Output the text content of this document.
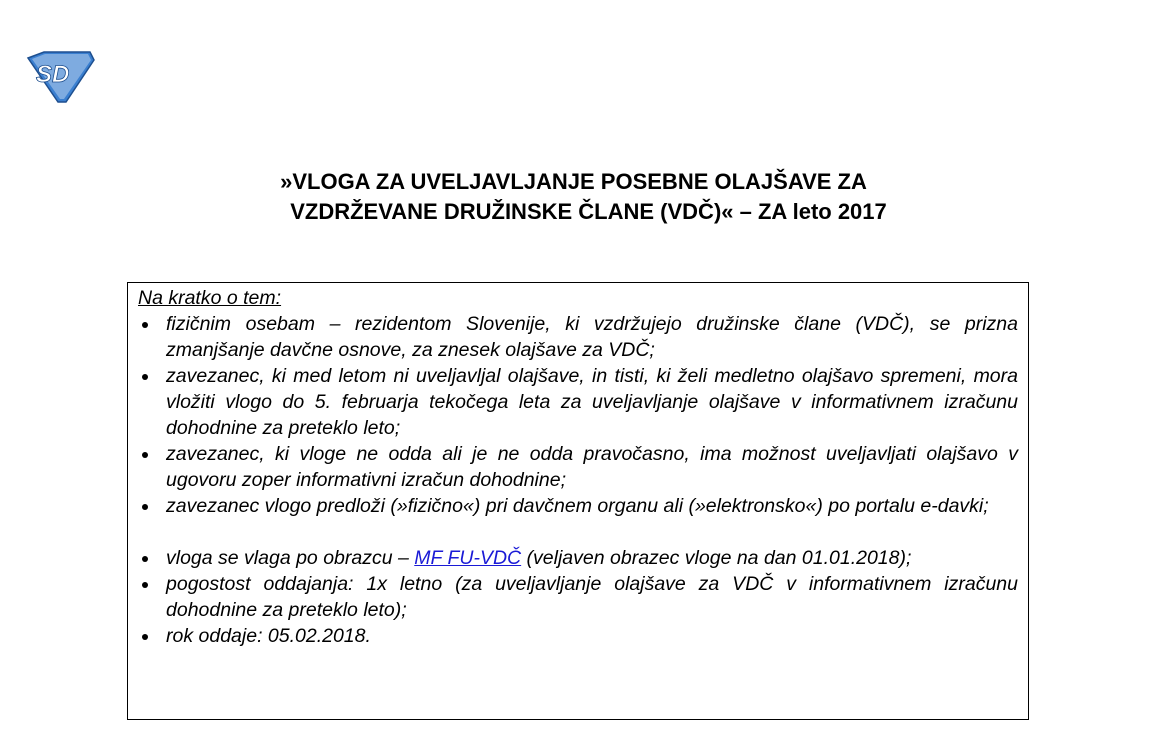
SD
»VLOGA ZA UVELJAVLJANJE POSEBNE OLAJŠAVE ZA
VZDRŽEVANE DRUŽINSKE ČLANE (VDČ)« – ZA leto 2017
Na kratko o tem:
fizičnim osebam – rezidentom Slovenije, ki vzdržujejo družinske člane (VDČ), se prizna zmanjšanje davčne osnove, za znesek olajšave za VDČ;
zavezanec, ki med letom ni uveljavljal olajšave, in tisti, ki želi medletno olajšavo spremeni, mora vložiti vlogo do 5. februarja tekočega leta za uveljavljanje olajšave v informativnem izračunu dohodnine za preteklo leto;
zavezanec, ki vloge ne odda ali je ne odda pravočasno, ima možnost uveljavljati olajšavo v ugovoru zoper informativni izračun dohodnine;
zavezanec vlogo predloži (»fizično«) pri davčnem organu ali (»elektronsko«) po portalu e-davki;
vloga se vlaga po obrazcu – MF FU-VDČ (veljaven obrazec vloge na dan 01.01.2018);
pogostost oddajanja: 1x letno (za uveljavljanje olajšave za VDČ v informativnem izračunu dohodnine za preteklo leto);
rok oddaje: 05.02.2018.
